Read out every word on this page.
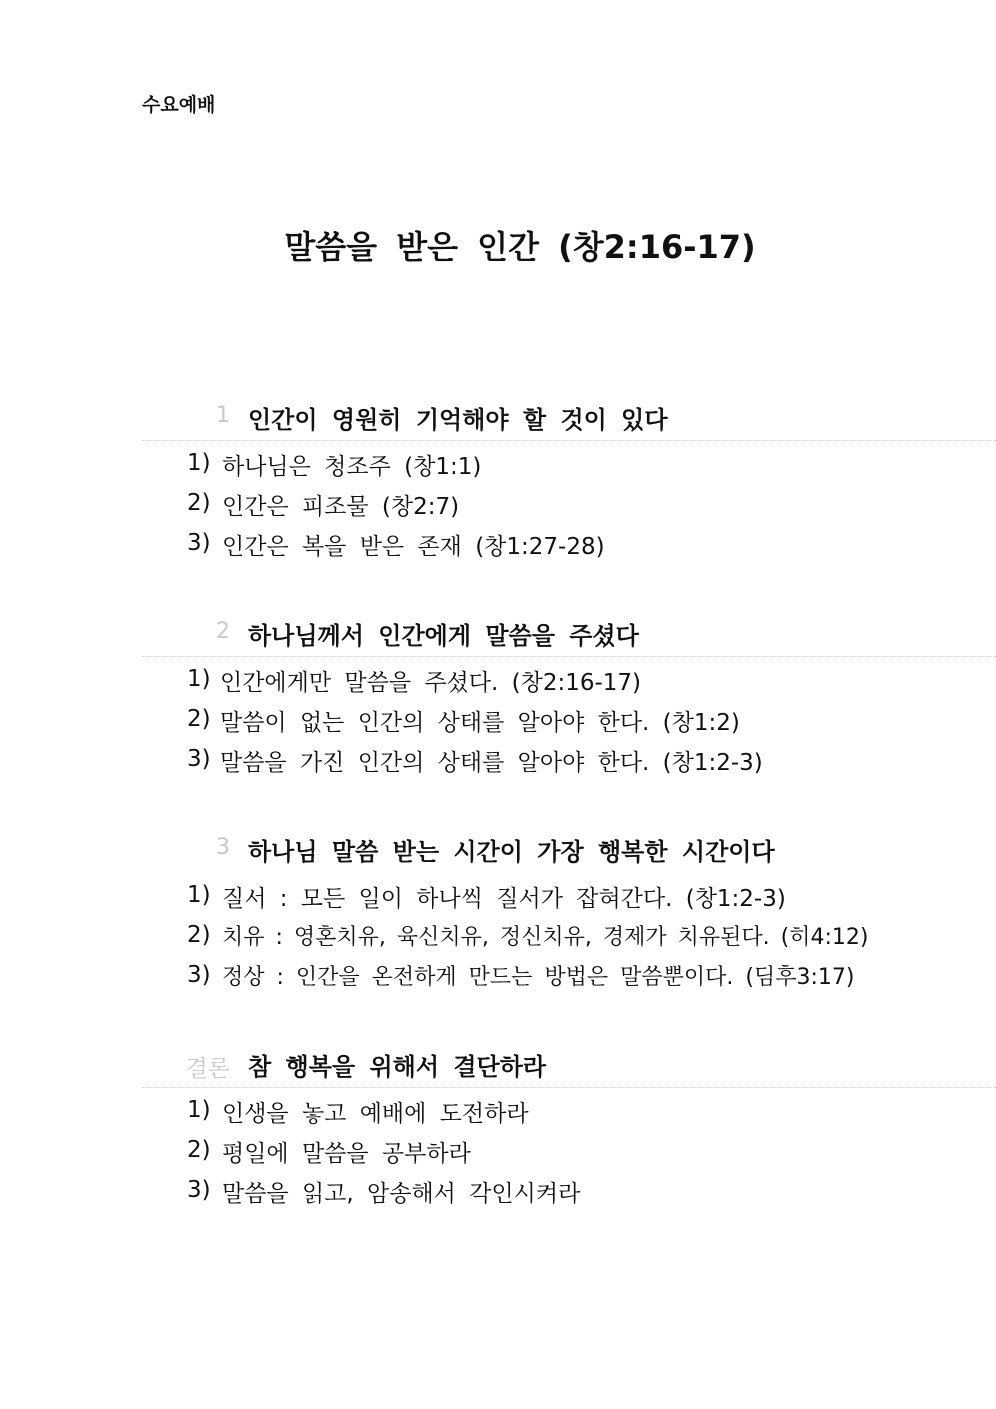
수요예배
말씀을 받은 인간 (창2:16-17)
1 인간이 영원히 기억해야 할 것이 있다
1) 하나님은 청조주 (창1:1)
2) 인간은 피조물 (창2:7)
3) 인간은 복을 받은 존재 (창1:27-28)
2 하나님께서 인간에게 말씀을 주셨다
1) 인간에게만 말씀을 주셨다. (창2:16-17)
2) 말씀이 없는 인간의 상태를 알아야 한다. (창1:2)
3) 말씀을 가진 인간의 상태를 알아야 한다. (창1:2-3)
3 하나님 말씀 받는 시간이 가장 행복한 시간이다
1) 질서 : 모든 일이 하나씩 질서가 잡혀간다. (창1:2-3)
2) 치유 : 영혼치유, 육신치유, 정신치유, 경제가 치유된다. (히4:12)
3) 정상 : 인간을 온전하게 만드는 방법은 말씀뿐이다. (딤후3:17)
결론 참 행복을 위해서 결단하라
1) 인생을 놓고 예배에 도전하라
2) 평일에 말씀을 공부하라
3) 말씀을 읽고, 암송해서 각인시켜라
